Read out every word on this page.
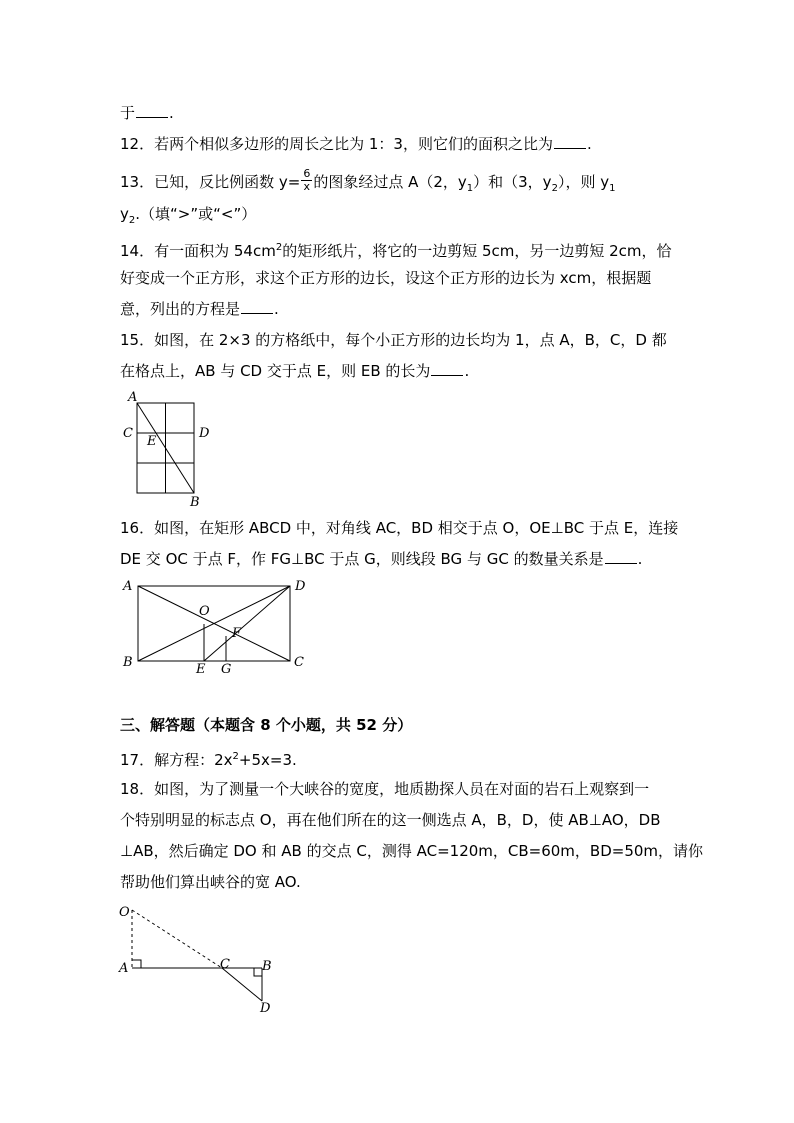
于 .
12．若两个相似多边形的周长之比为 1：3，则它们的面积之比为 .
13．已知，反比例函数 $y= \frac{6}{x}$ 的图象经过点 A（2，$y_1$）和（3，$y_2$），则 $y_1$
$y_2$.（填“>”或“<”）
14．有一面积为 $54cm^2$的矩形纸片，将它的一边剪短 5cm，另一边剪短 2cm，恰
好变成一个正方形，求这个正方形的边长，设这个正方形的边长为 xcm，根据题
意，列出的方程是 .
15．如图，在 2×3 的方格纸中，每个小正方形的边长均为 1，点 A，B，C，D 都
在格点上，AB 与 CD 交于点 E，则 EB 的长为 .
A
C
E
D
B
16．如图，在矩形 ABCD 中，对角线 AC，BD 相交于点 O，OE⊥BC 于点 E，连接
DE 交 OC 于点 F，作 FG⊥BC 于点 G，则线段 BG 与 GC 的数量关系是 .
A	D
O
F
B	C
E G
三、解答题（本题含 8 个小题，共 52 分）
17．解方程：$2x^2+5x=3$.
18．如图，为了测量一个大峡谷的宽度，地质勘探人员在对面的岩石上观察到一
个特别明显的标志点 O，再在他们所在的这一侧选点 A，B，D，使 AB⊥AO，DB
⊥AB，然后确定 DO 和 AB 的交点 C，测得 AC=120m，CB=60m，BD=50m，请你
帮助他们算出峡谷的宽 AO.
O
A	C B
D
